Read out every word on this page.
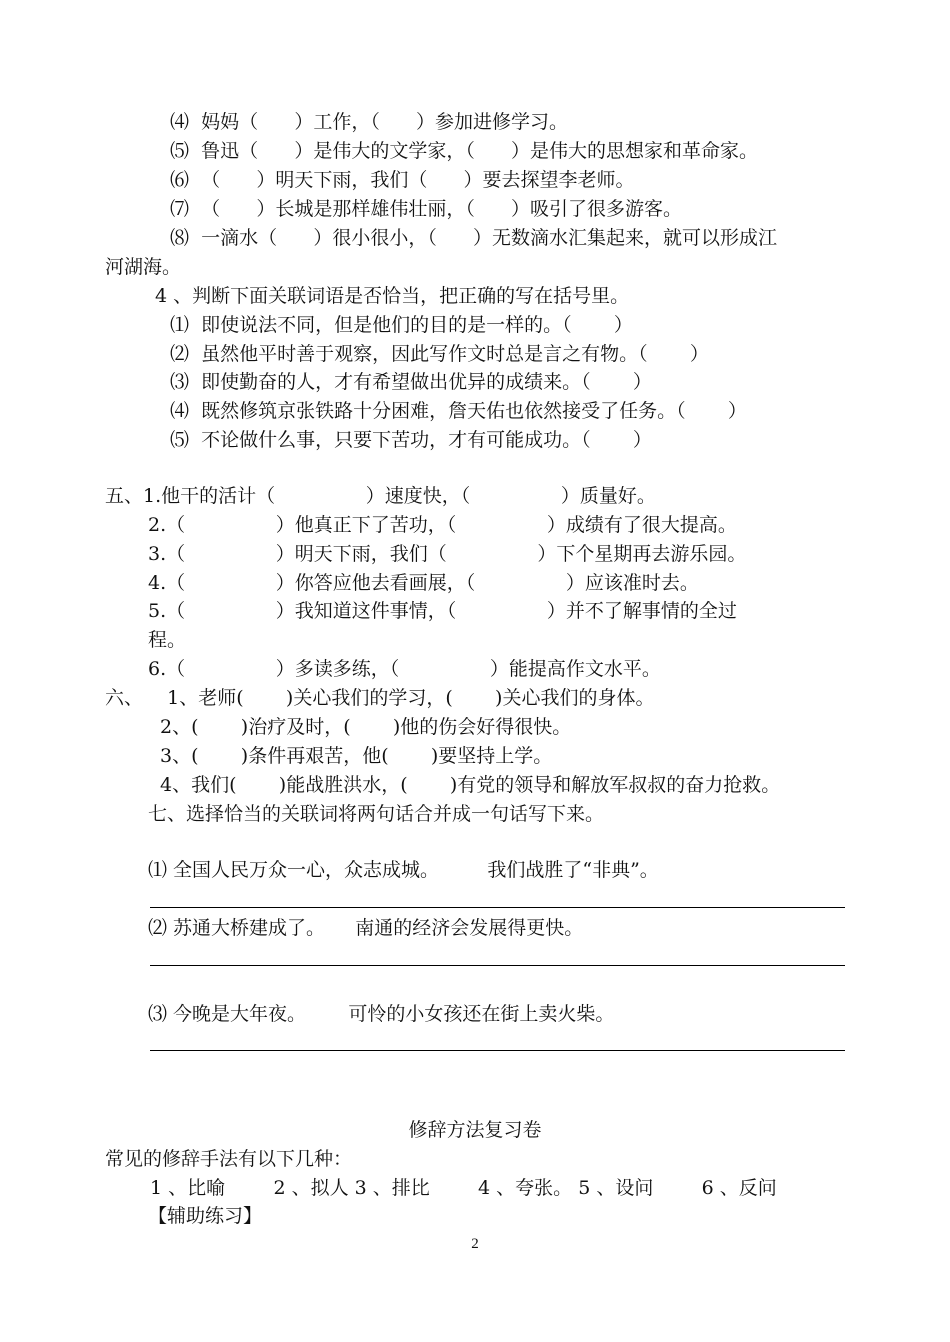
⑷  妈妈（      ）工作，（      ）参加进修学习。
⑸  鲁迅（      ）是伟大的文学家，（      ）是伟大的思想家和革命家。
⑹  （      ）明天下雨，我们（      ）要去探望李老师。
⑺  （      ）长城是那样雄伟壮丽，（      ）吸引了很多游客。
⑻  一滴水（      ）很小很小，（      ）无数滴水汇集起来，就可以形成江
河湖海。
4 、判断下面关联词语是否恰当，把正确的写在括号里。
⑴  即使说法不同，但是他们的目的是一样的。（       ）
⑵  虽然他平时善于观察，因此写作文时总是言之有物。（       ）
⑶  即使勤奋的人，才有希望做出优异的成绩来。（       ）
⑷  既然修筑京张铁路十分困难，詹天佑也依然接受了任务。（       ）
⑸  不论做什么事，只要下苦功，才有可能成功。（       ）
五、1.他干的活计（               ）速度快，（               ）质量好。
2.（               ）他真正下了苦功，（               ）成绩有了很大提高。
3.（               ）明天下雨，我们（               ）下个星期再去游乐园。
4.（               ）你答应他去看画展，（               ）应该准时去。
5.（               ）我知道这件事情，（               ）并不了解事情的全过
程。
6.（               ）多读多练，（               ）能提高作文水平。
六、    1、老师(       )关心我们的学习，(       )关心我们的身体。
2、(       )治疗及时，(       )他的伤会好得很快。
3、(       )条件再艰苦，他(       )要坚持上学。
4、我们(       )能战胜洪水，(       )有党的领导和解放军叔叔的奋力抢救。
七、选择恰当的关联词将两句话合并成一句话写下来。
⑴ 全国人民万众一心，众志成城。        我们战胜了“非典”。
⑵ 苏通大桥建成了。     南通的经济会发展得更快。
⑶ 今晚是大年夜。       可怜的小女孩还在街上卖火柴。
修辞方法复习卷
常见的修辞手法有以下几种：
1 、比喻        2 、拟人 3 、排比        4 、夸张。 5 、设问        6 、反问
【辅助练习】
2
